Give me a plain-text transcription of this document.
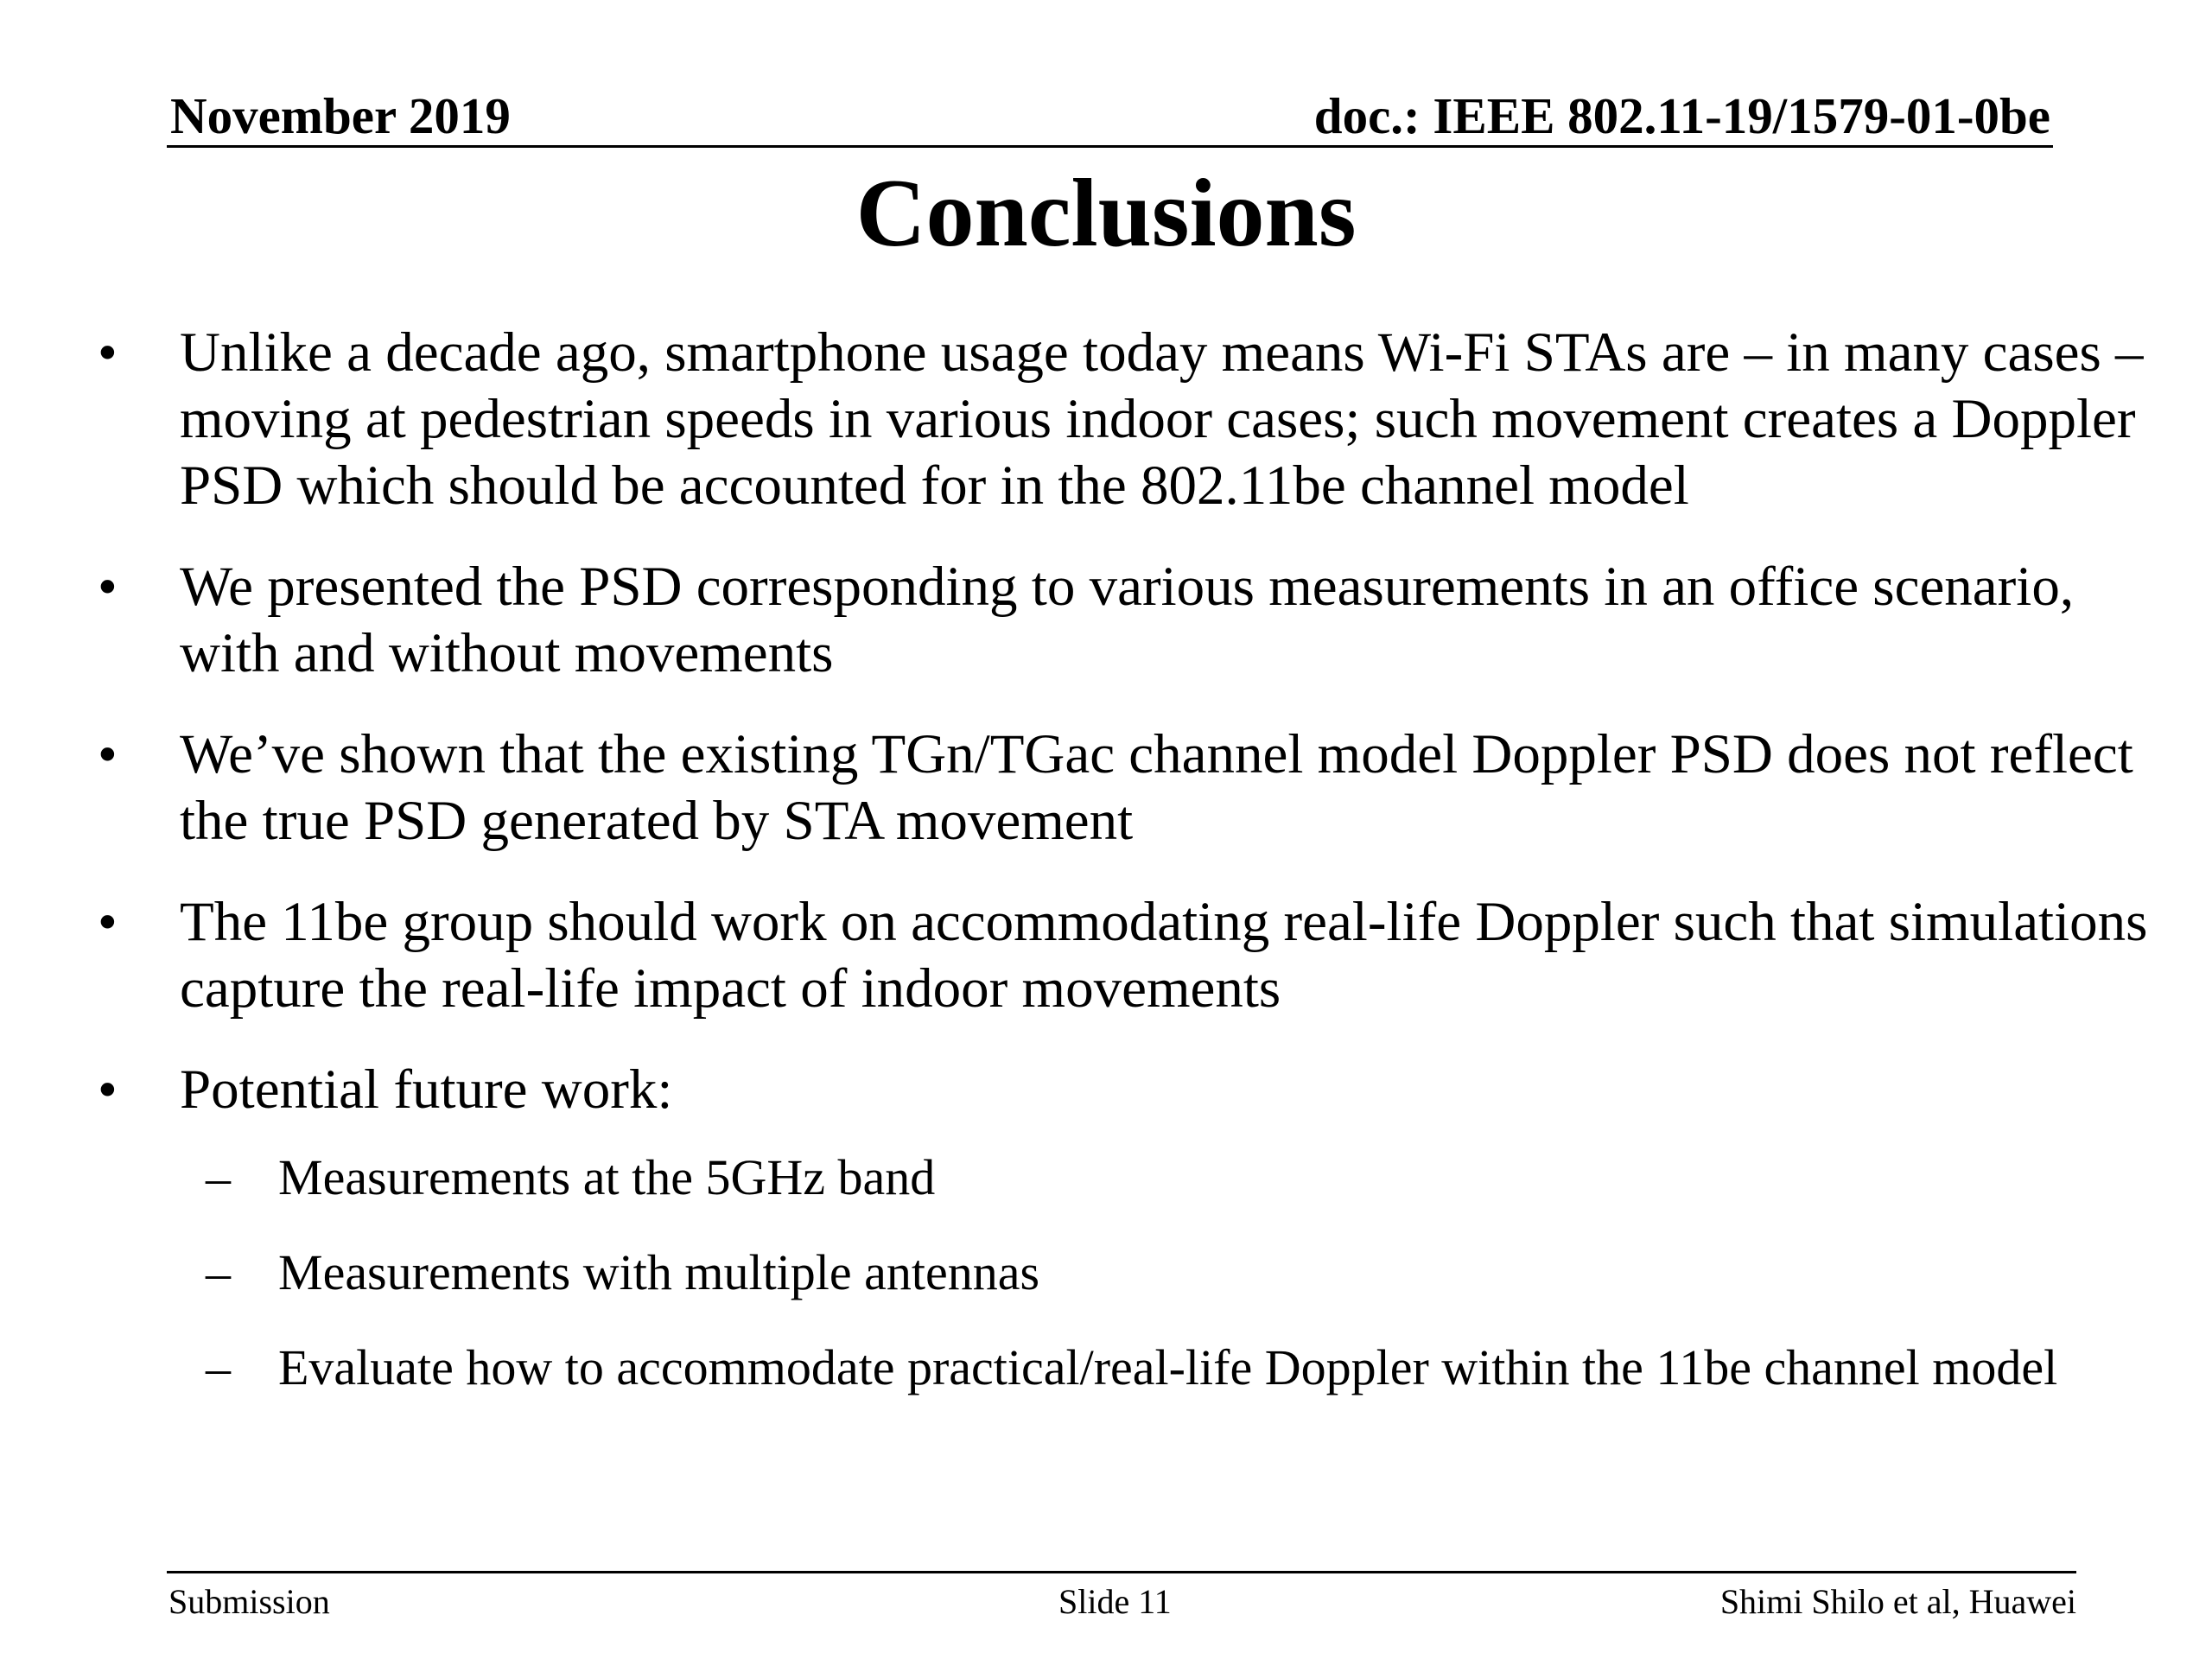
November 2019	doc.: IEEE 802.11-19/1579-01-0be
Conclusions
• Unlike a decade ago, smartphone usage today means Wi-Fi STAs are – in many cases – moving at pedestrian speeds in various indoor cases; such movement creates a Doppler PSD which should be accounted for in the 802.11be channel model
• We presented the PSD corresponding to various measurements in an office scenario, with and without movements
• We’ve shown that the existing TGn/TGac channel model Doppler PSD does not reflect the true PSD generated by STA movement
• The 11be group should work on accommodating real-life Doppler such that simulations capture the real-life impact of indoor movements
• Potential future work:
– Measurements at the 5GHz band
– Measurements with multiple antennas
– Evaluate how to accommodate practical/real-life Doppler within the 11be channel model
Submission	Slide 11	Shimi Shilo et al, Huawei
